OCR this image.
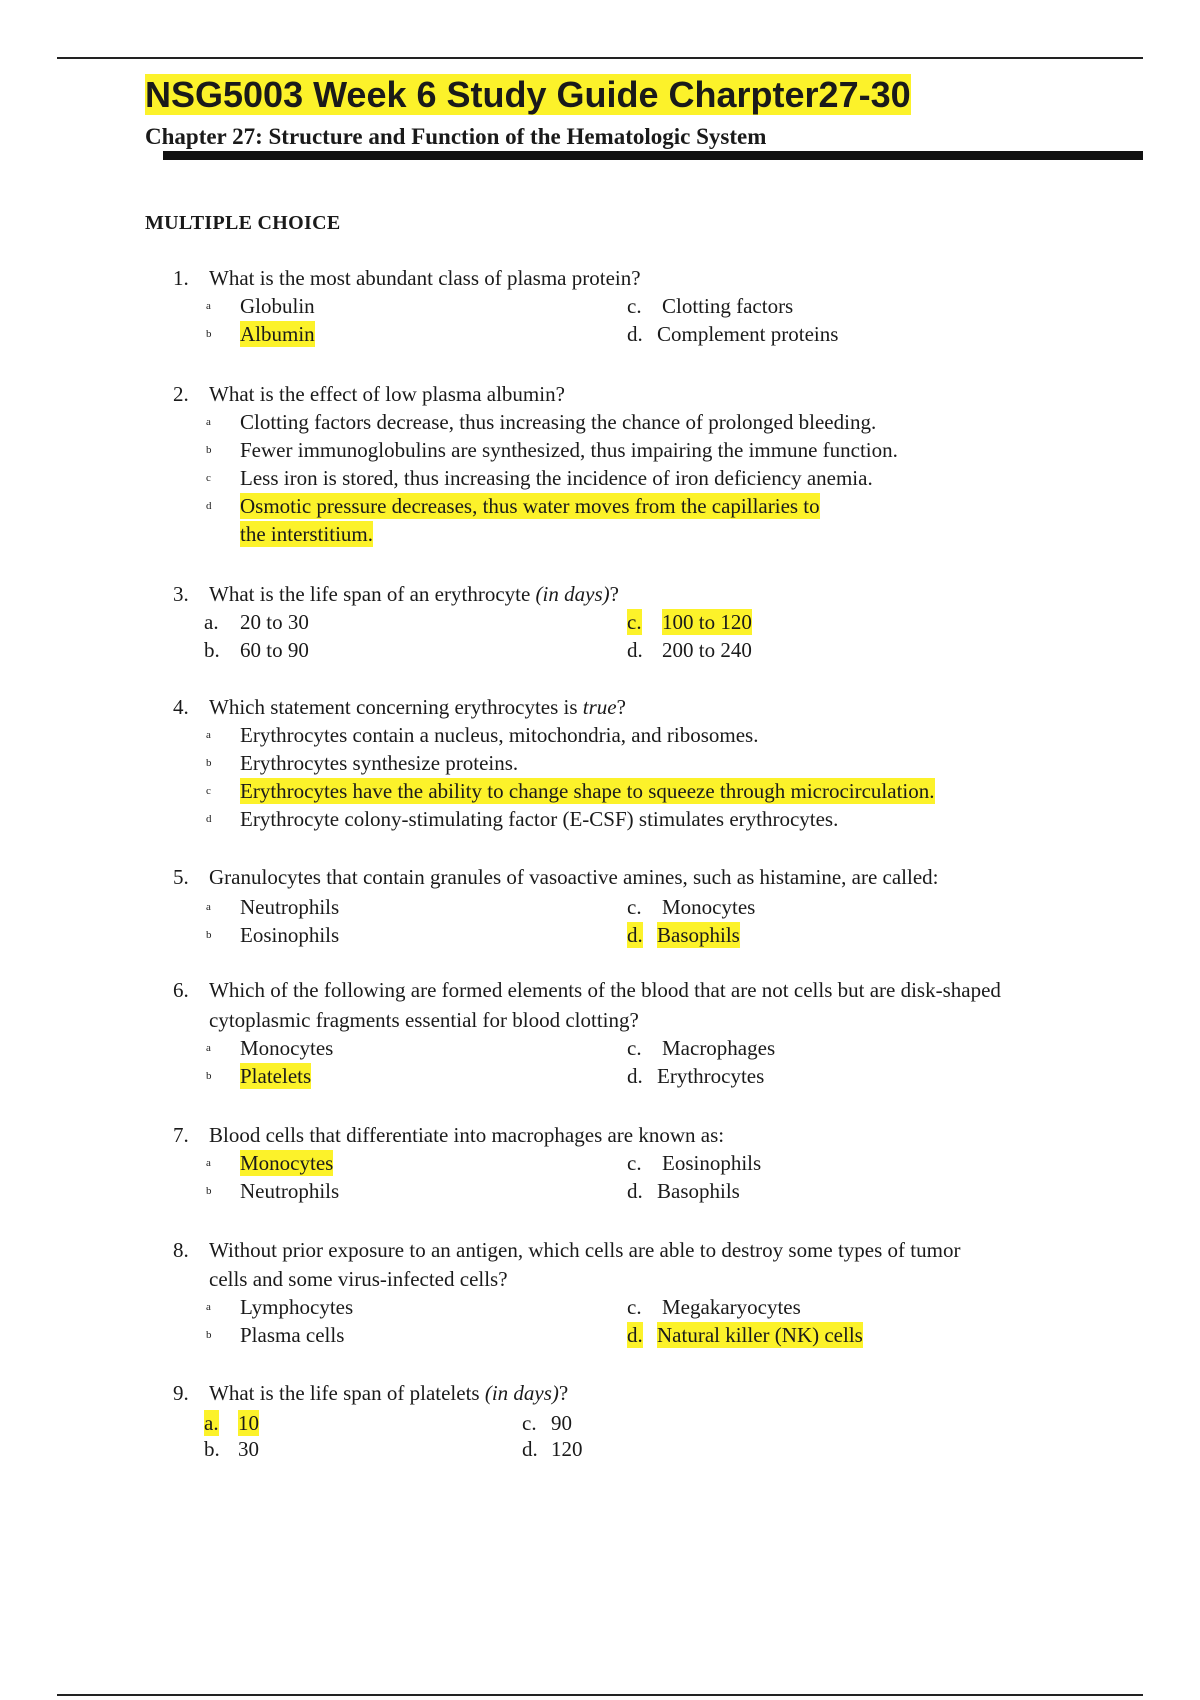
NSG5003 Week 6 Study Guide Charpter27-30
Chapter 27: Structure and Function of the Hematologic System
MULTIPLE CHOICE
1. What is the most abundant class of plasma protein?
$^a$ Globulin
$^b$ Albumin
c. Clotting factors
d. Complement proteins
2. What is the effect of low plasma albumin?
$^a$ Clotting factors decrease, thus increasing the chance of prolonged bleeding.
$^b$ Fewer immunoglobulins are synthesized, thus impairing the immune function.
$^c$ Less iron is stored, thus increasing the incidence of iron deficiency anemia.
$^d$ Osmotic pressure decreases, thus water moves from the capillaries to
the interstitium.
3. What is the life span of an erythrocyte (in days)?
a. 20 to 30
b. 60 to 90
c. 100 to 120
d. 200 to 240
4. Which statement concerning erythrocytes is true?
$^a$ Erythrocytes contain a nucleus, mitochondria, and ribosomes.
$^b$ Erythrocytes synthesize proteins.
$^c$ Erythrocytes have the ability to change shape to squeeze through microcirculation.
$^d$ Erythrocyte colony-stimulating factor (E-CSF) stimulates erythrocytes.
5. Granulocytes that contain granules of vasoactive amines, such as histamine, are called:
$^a$ Neutrophils
$^b$ Eosinophils
c. Monocytes
d. Basophils
6. Which of the following are formed elements of the blood that are not cells but are disk-shaped
cytoplasmic fragments essential for blood clotting?
$^a$ Monocytes
$^b$ Platelets
c. Macrophages
d. Erythrocytes
7. Blood cells that differentiate into macrophages are known as:
$^a$ Monocytes
$^b$ Neutrophils
c. Eosinophils
d. Basophils
8. Without prior exposure to an antigen, which cells are able to destroy some types of tumor
cells and some virus-infected cells?
$^a$ Lymphocytes
$^b$ Plasma cells
c. Megakaryocytes
d. Natural killer (NK) cells
9. What is the life span of platelets (in days)?
a. 10
b. 30
c. 90
d. 120
